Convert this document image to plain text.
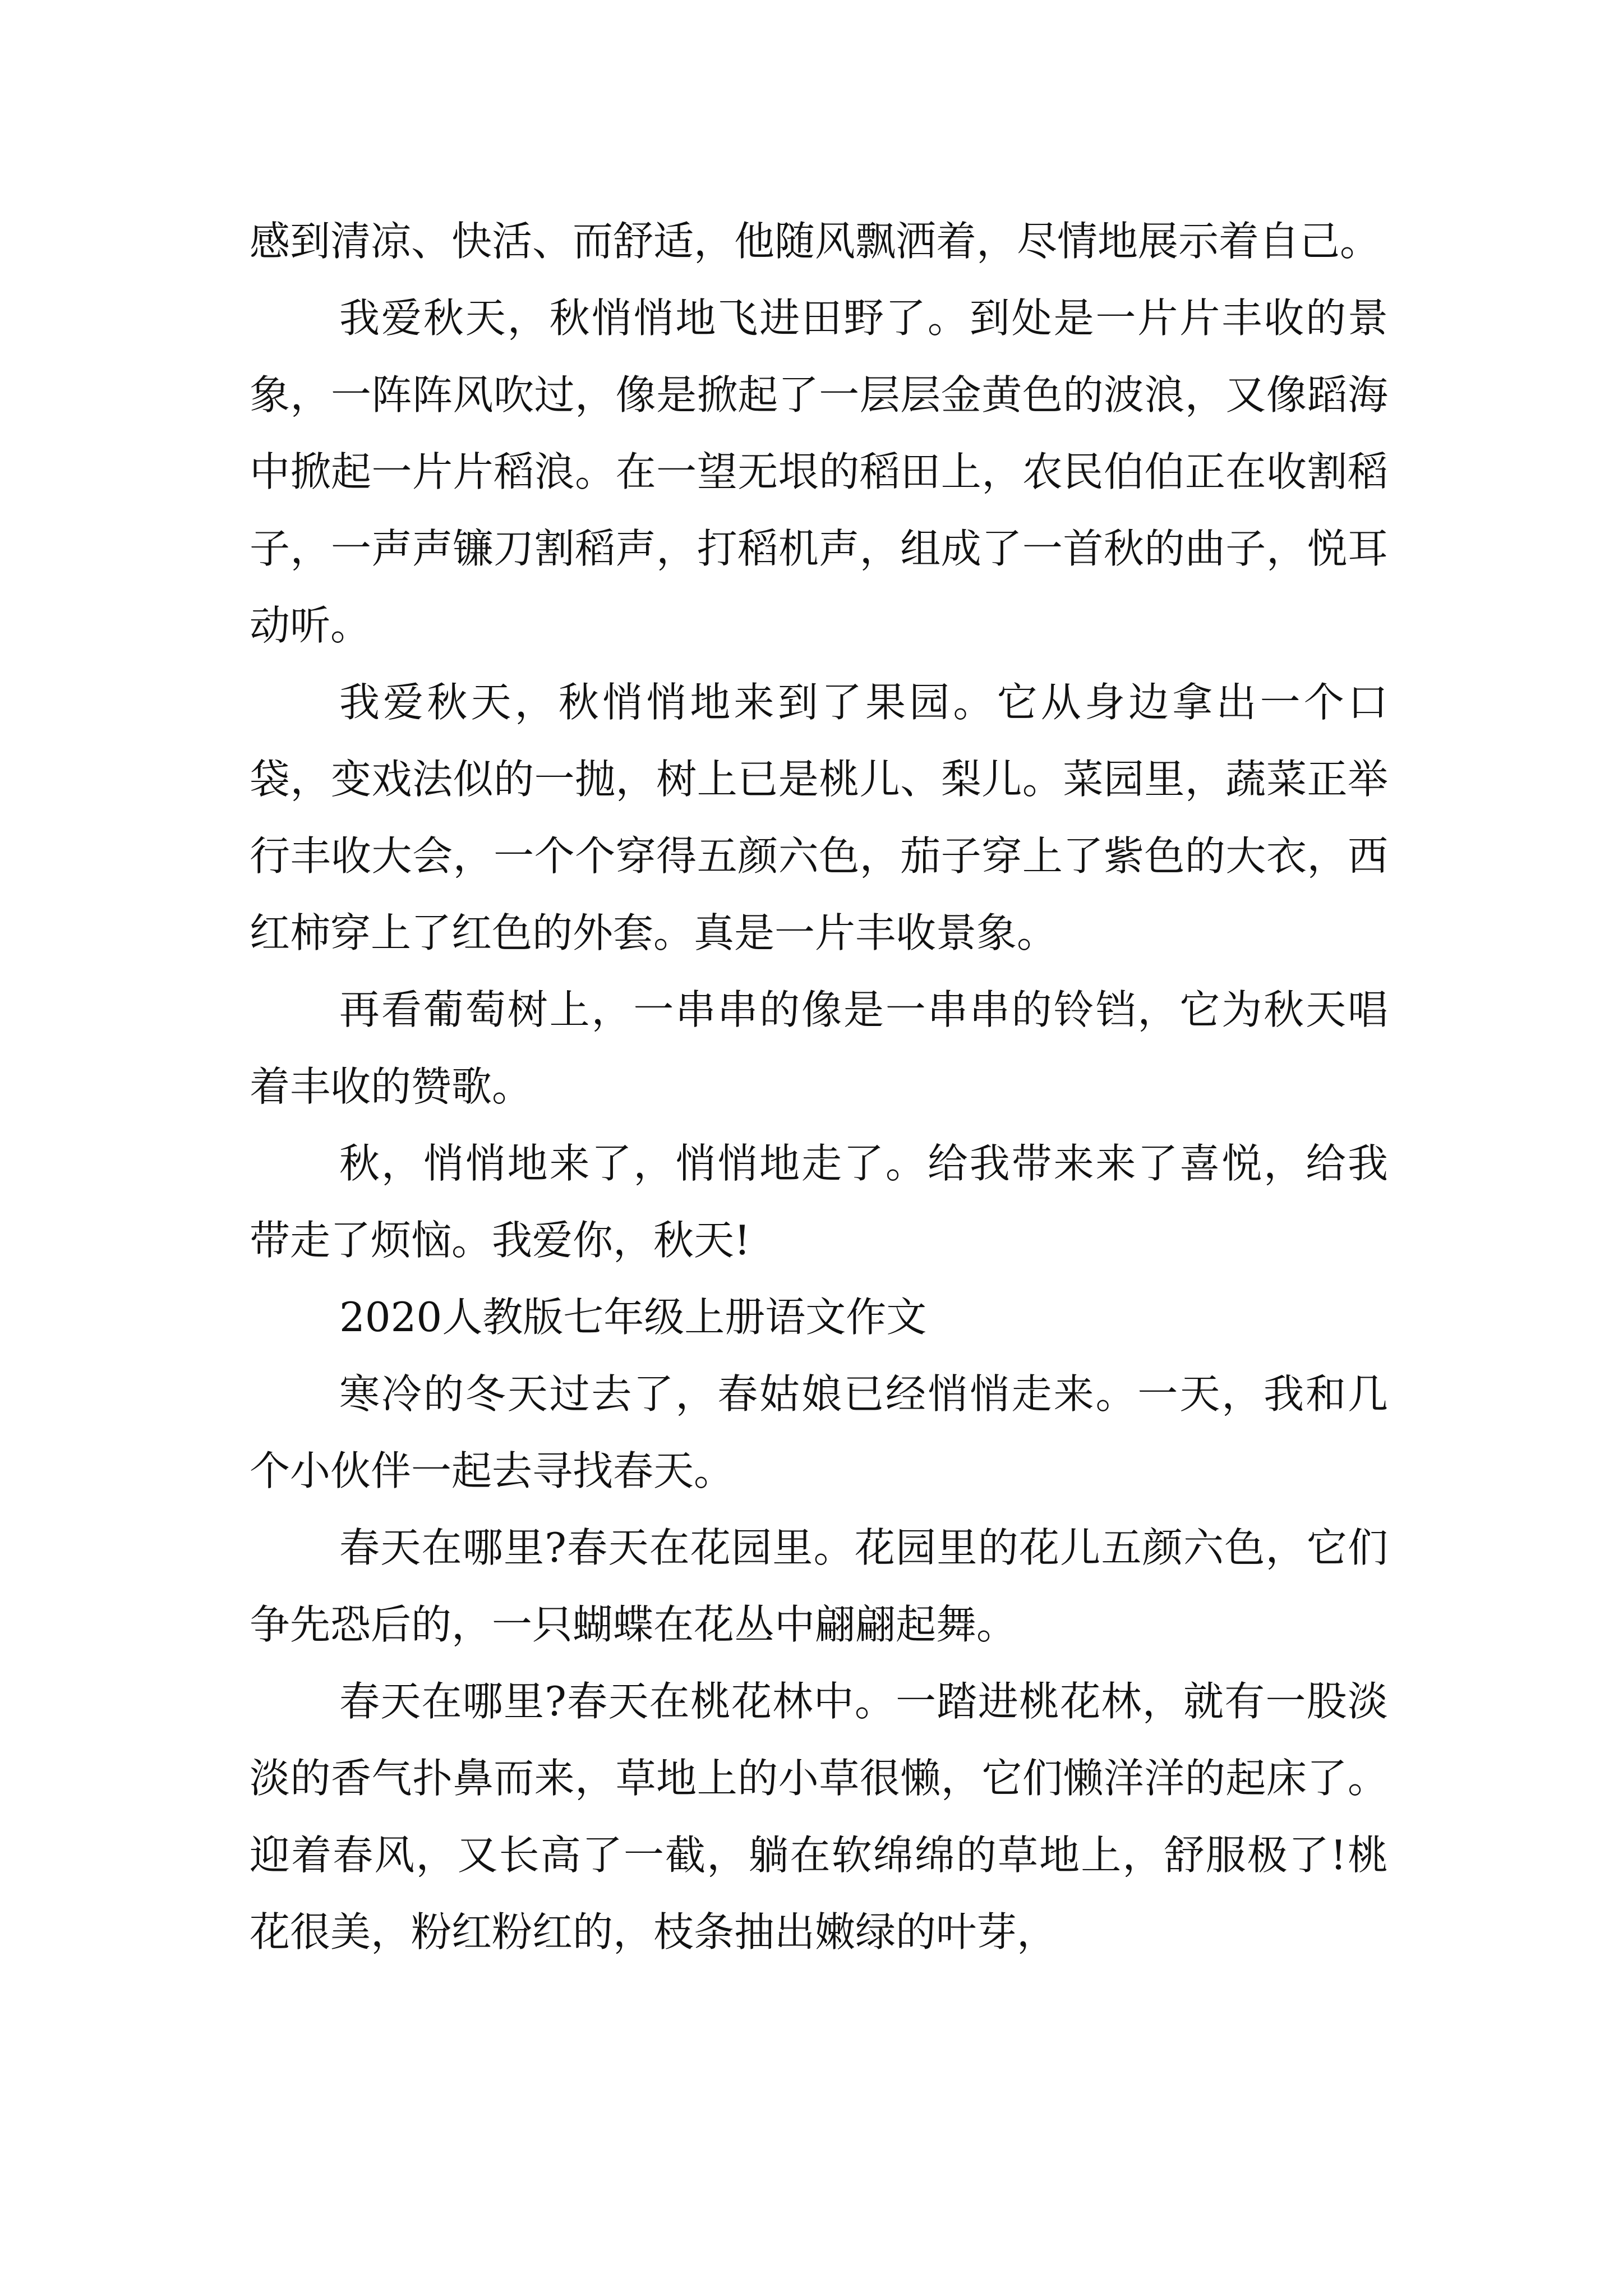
感到清凉、快活、而舒适，他随风飘洒着，尽情地展示着自己。

我爱秋天，秋悄悄地飞进田野了。到处是一片片丰收的景象，一阵阵风吹过，像是掀起了一层层金黄色的波浪，又像蹈海中掀起一片片稻浪。在一望无垠的稻田上，农民伯伯正在收割稻子，一声声镰刀割稻声，打稻机声，组成了一首秋的曲子，悦耳动听。

我爱秋天，秋悄悄地来到了果园。它从身边拿出一个口袋，变戏法似的一抛，树上已是桃儿、梨儿。菜园里，蔬菜正举行丰收大会，一个个穿得五颜六色，茄子穿上了紫色的大衣，西红柿穿上了红色的外套。真是一片丰收景象。

再看葡萄树上，一串串的像是一串串的铃铛，它为秋天唱着丰收的赞歌。

秋，悄悄地来了，悄悄地走了。给我带来来了喜悦，给我带走了烦恼。我爱你，秋天!

2020人教版七年级上册语文作文

寒冷的冬天过去了，春姑娘已经悄悄走来。一天，我和几个小伙伴一起去寻找春天。

春天在哪里?春天在花园里。花园里的花儿五颜六色，它们争先恐后的，一只蝴蝶在花丛中翩翩起舞。

春天在哪里?春天在桃花林中。一踏进桃花林，就有一股淡淡的香气扑鼻而来，草地上的小草很懒，它们懒洋洋的起床了。迎着春风，又长高了一截，躺在软绵绵的草地上，舒服极了!桃花很美，粉红粉红的，枝条抽出嫩绿的叶芽，
